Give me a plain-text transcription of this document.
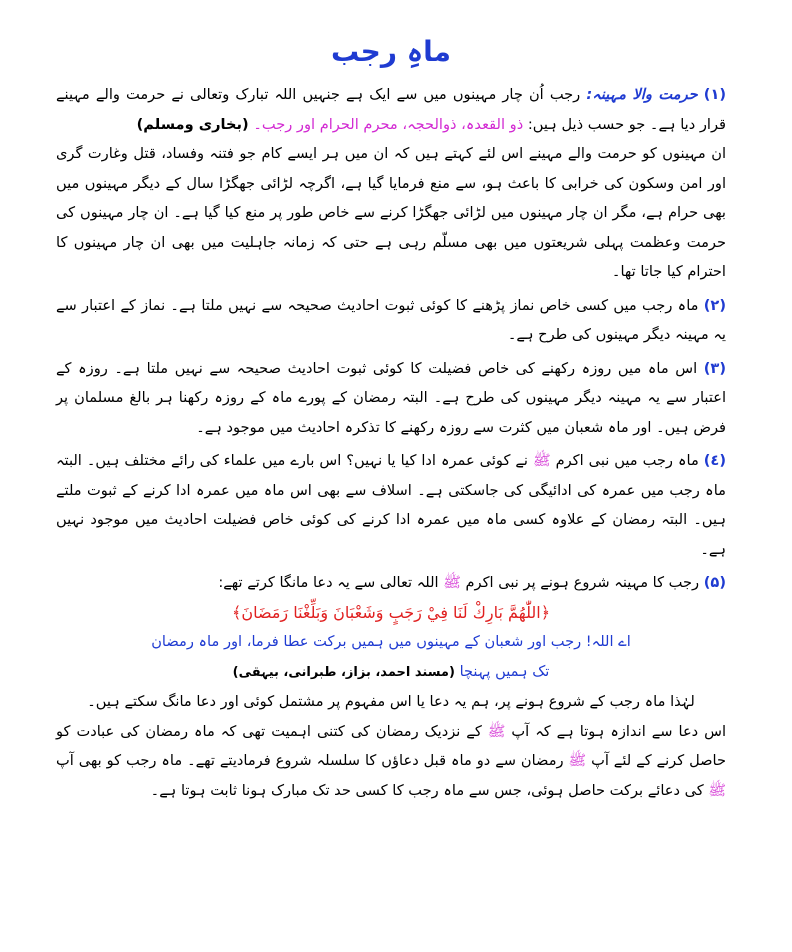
ماہِ رجب

(۱) حرمت والا مہینہ: رجب اُن چار مہینوں میں سے ایک ہے جنہیں اللہ تبارک وتعالی نے حرمت والے مہینے قرار دیا ہے۔ جو حسب ذیل ہیں: ذو القعدہ، ذوالحجہ، محرم الحرام اور رجب۔ (بخاری ومسلم)

ان مہینوں کو حرمت والے مہینے اس لئے کہتے ہیں کہ ان میں ہر ایسے کام جو فتنہ وفساد، قتل وغارت گری اور امن وسکون کی خرابی کا باعث ہو، سے منع فرمایا گیا ہے، اگرچہ لڑائی جھگڑا سال کے دیگر مہینوں میں بھی حرام ہے، مگر ان چار مہینوں میں لڑائی جھگڑا کرنے سے خاص طور پر منع کیا گیا ہے۔ ان چار مہینوں کی حرمت وعظمت پہلی شریعتوں میں بھی مسلّم رہی ہے حتی کہ زمانہ جاہلیت میں بھی ان چار مہینوں کا احترام کیا جاتا تھا۔

(۲) ماہ رجب میں کسی خاص نماز پڑھنے کا کوئی ثبوت احادیث صحیحہ سے نہیں ملتا ہے۔ نماز کے اعتبار سے یہ مہینہ دیگر مہینوں کی طرح ہے۔

(۳) اس ماہ میں روزہ رکھنے کی خاص فضیلت کا کوئی ثبوت احادیث صحیحہ سے نہیں ملتا ہے۔ روزہ کے اعتبار سے یہ مہینہ دیگر مہینوں کی طرح ہے۔ البتہ رمضان کے پورے ماہ کے روزہ رکھنا ہر بالغ مسلمان پر فرض ہیں۔ اور ماہ شعبان میں کثرت سے روزہ رکھنے کا تذکرہ احادیث میں موجود ہے۔

(٤) ماہ رجب میں نبی اکرم ﷺ نے کوئی عمرہ ادا کیا یا نہیں؟ اس بارے میں علماء کی رائے مختلف ہیں۔ البتہ ماہ رجب میں عمرہ کی ادائیگی کی جاسکتی ہے۔ اسلاف سے بھی اس ماہ میں عمرہ ادا کرنے کے ثبوت ملتے ہیں۔ البتہ رمضان کے علاوہ کسی ماہ میں عمرہ ادا کرنے کی کوئی خاص فضیلت احادیث میں موجود نہیں ہے۔

(۵) رجب کا مہینہ شروع ہونے پر نبی اکرم ﷺ اللہ تعالی سے یہ دعا مانگا کرتے تھے:

﴿اللّٰهُمَّ بَارِكْ لَنَا فِيْ رَجَبٍ وَشَعْبَانَ وَبَلِّغْنَا رَمَضَانَ﴾

اے اللہ! رجب اور شعبان کے مہینوں میں ہمیں برکت عطا فرما، اور ماہ رمضان

تک ہمیں پہنچا (مسند احمد، بزاز، طبرانی، بیہقی)

لہٰذا ماہ رجب کے شروع ہونے پر، ہم یہ دعا یا اس مفہوم پر مشتمل کوئی اور دعا مانگ سکتے ہیں۔

اس دعا سے اندازہ ہوتا ہے کہ آپ ﷺ کے نزدیک رمضان کی کتنی اہمیت تھی کہ ماہ رمضان کی عبادت کو حاصل کرنے کے لئے آپ ﷺ رمضان سے دو ماہ قبل دعاؤں کا سلسلہ شروع فرمادیتے تھے۔ ماہ رجب کو بھی آپ ﷺ کی دعائے برکت حاصل ہوئی، جس سے ماہ رجب کا کسی حد تک مبارک ہونا ثابت ہوتا ہے۔
